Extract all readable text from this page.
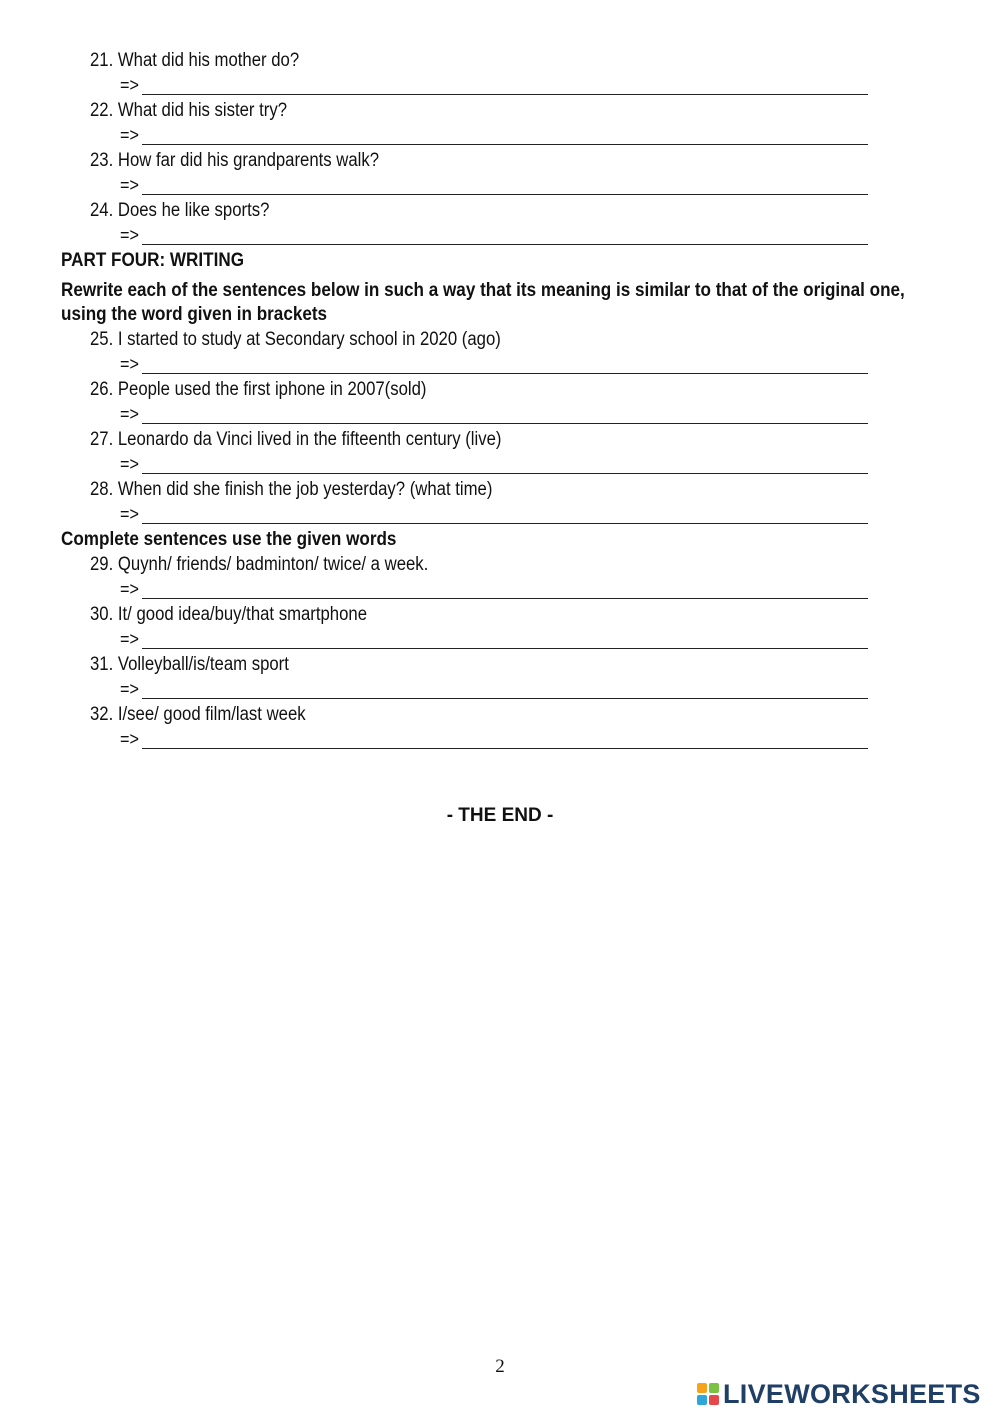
21. What did his mother do?
=>
22. What did his sister try?
=>
23. How far did his grandparents walk?
=>
24. Does he like sports?
=>
PART FOUR: WRITING
Rewrite each of the sentences below in such a way that its meaning is similar to that of the original one, using the word given in brackets
25. I started to study at Secondary school in 2020 (ago)
=>
26. People used the first iphone in 2007(sold)
=>
27. Leonardo da Vinci lived in the fifteenth century (live)
=>
28. When did she finish the job yesterday? (what time)
=>
Complete sentences use the given words
29. Quynh/ friends/ badminton/ twice/ a week.
=>
30. It/ good idea/buy/that smartphone
=>
31. Volleyball/is/team sport
=>
32. I/see/ good film/last week
=>
- THE END -
2
LIVEWORKSHEETS
